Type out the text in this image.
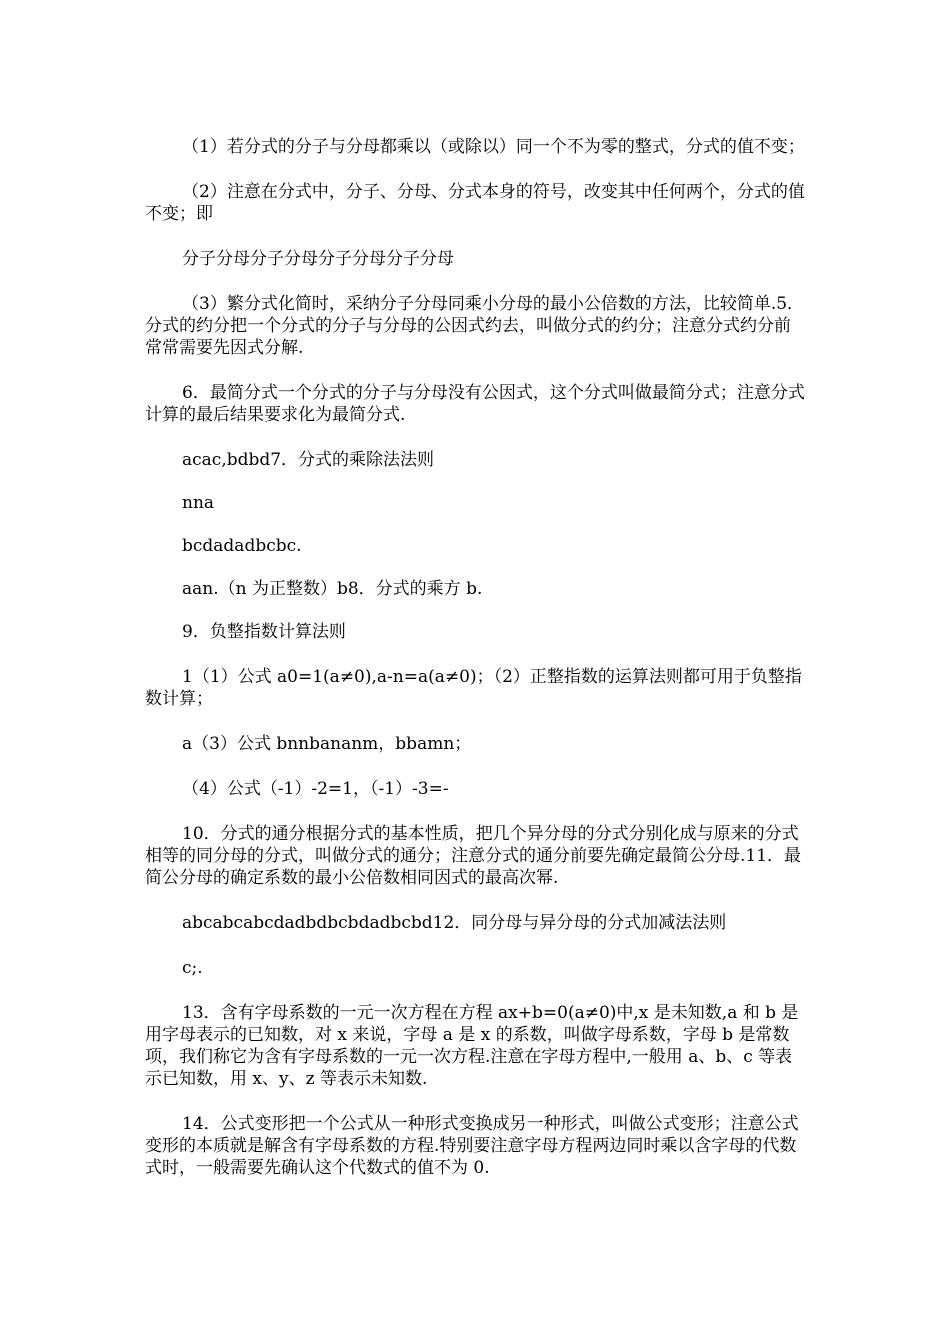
（1）若分式的分子与分母都乘以（或除以）同一个不为零的整式，分式的值不变；

（2）注意在分式中，分子、分母、分式本身的符号，改变其中任何两个，分式的值不变；即

分子分母分子分母分子分母分子分母

（3）繁分式化简时，采纳分子分母同乘小分母的最小公倍数的方法，比较简单.5．分式的约分把一个分式的分子与分母的公因式约去，叫做分式的约分；注意分式约分前常常需要先因式分解.

6．最简分式一个分式的分子与分母没有公因式，这个分式叫做最简分式；注意分式计算的最后结果要求化为最简分式.

acac,bdbd7．分式的乘除法法则

nna

bcdadadbcbc.

aan.（n 为正整数）b8．分式的乘方 b.

9．负整指数计算法则

1（1）公式 a0=1(a≠0),a-n=a(a≠0)；（2）正整指数的运算法则都可用于负整指数计算；

a（3）公式 bnnbananm，bbamn；

（4）公式（-1）-2=1，（-1）-3=-

10．分式的通分根据分式的基本性质，把几个异分母的分式分别化成与原来的分式相等的同分母的分式，叫做分式的通分；注意分式的通分前要先确定最简公分母.11．最简公分母的确定系数的最小公倍数相同因式的最高次幂.

abcabcabcdadbdbcbdadbcbd12．同分母与异分母的分式加减法法则

c;.

13．含有字母系数的一元一次方程在方程 ax+b=0(a≠0)中,x 是未知数,a 和 b 是用字母表示的已知数，对 x 来说，字母 a 是 x 的系数，叫做字母系数，字母 b 是常数项，我们称它为含有字母系数的一元一次方程.注意在字母方程中,一般用 a、b、c 等表示已知数，用 x、y、z 等表示未知数.

14．公式变形把一个公式从一种形式变换成另一种形式，叫做公式变形；注意公式变形的本质就是解含有字母系数的方程.特别要注意字母方程两边同时乘以含字母的代数式时，一般需要先确认这个代数式的值不为 0.
